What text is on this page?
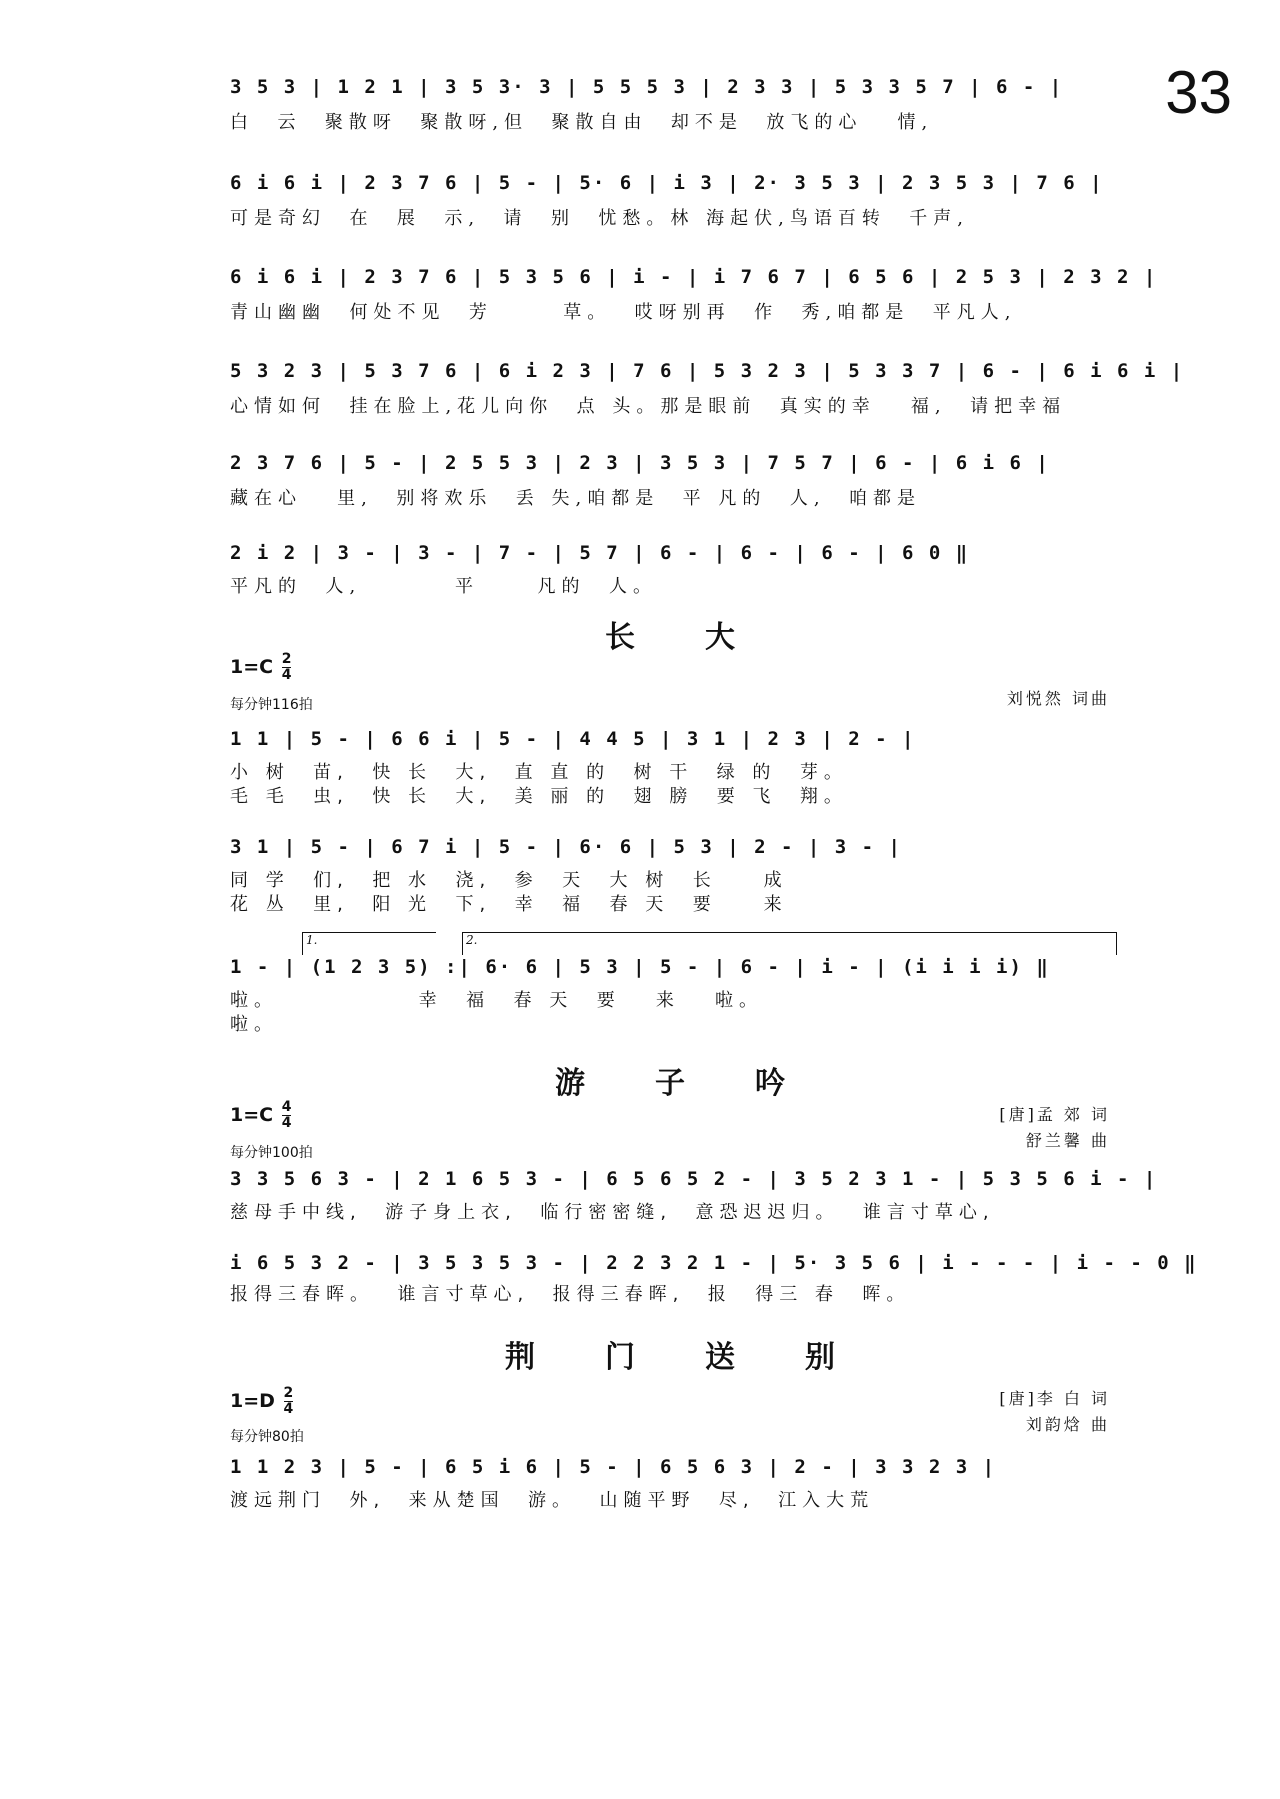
33
3 5 3 | 1 2 1 | 3 5 3· 3 | 5 5 5 3 | 2 3 3 | 5 3 3 5 7 | 6 - |
白  云  聚散呀  聚散呀,但  聚散自由  却不是  放飞的心   情,
6 i 6 i | 2 3 7 6 | 5 - | 5· 6 | i 3 | 2· 3 5 3 | 2 3 5 3 | 7 6 |
可是奇幻  在  展  示,  请  别  忧愁。林 海起伏,鸟语百转  千声,
6 i 6 i | 2 3 7 6 | 5 3 5 6 | i - | i 7 6 7 | 6 5 6 | 2 5 3 | 2 3 2 |
青山幽幽  何处不见  芳      草。  哎呀别再  作  秀,咱都是  平凡人,
5 3 2 3 | 5 3 7 6 | 6 i 2 3 | 7 6 | 5 3 2 3 | 5 3 3 7 | 6 - | 6 i 6 i |
心情如何  挂在脸上,花儿向你  点 头。那是眼前  真实的幸   福,  请把幸福
2 3 7 6 | 5 - | 2 5 5 3 | 2 3 | 3 5 3 | 7 5 7 | 6 - | 6 i 6 |
藏在心   里,  别将欢乐  丢 失,咱都是  平 凡的  人,  咱都是
2 i 2 | 3 - | 3 - | 7 - | 5 7 | 6 - | 6 - | 6 - | 6 0 ‖
平凡的  人,        平     凡的  人。
长大
$1=C \frac{2}{4}$
每分钟116拍	刘悦然 词曲
1 1 | 5 - | 6 6 i | 5 - | 4 4 5 | 3 1 | 2 3 | 2 - |
小 树  苗,  快 长  大,  直 直 的  树 干  绿 的  芽。
毛 毛  虫,  快 长  大,  美 丽 的  翅 膀  要 飞  翔。
3 1 | 5 - | 6 7 i | 5 - | 6· 6 | 5 3 | 2 - | 3 - |
同 学  们,  把 水  浇,  参  天  大 树  长    成
花 丛  里,  阳 光  下,  幸  福  春 天  要    来
1.	2.
1 - | (1 2 3 5) :| 6· 6 | 5 3 | 5 - | 6 - | i - | (i i i i) ‖
啦。            幸  福  春 天  要   来   啦。
啦。
游子吟
$1=C \frac{4}{4}$
每分钟100拍
[唐]孟 郊 词
舒兰馨 曲
3 3 5 6 3 - | 2 1 6 5 3 - | 6 5 6 5 2 - | 3 5 2 3 1 - | 5 3 5 6 i - |
慈母手中线,  游子身上衣,  临行密密缝,  意恐迟迟归。  谁言寸草心,
i 6 5 3 2 - | 3 5 3 5 3 - | 2 2 3 2 1 - | 5· 3 5 6 | i - - - | i - - 0 ‖
报得三春晖。  谁言寸草心,  报得三春晖,  报  得三 春  晖。
荆门送别
$1=D \frac{2}{4}$
每分钟80拍
[唐]李 白 词
刘韵焓 曲
1 1 2 3 | 5 - | 6 5 i 6 | 5 - | 6 5 6 3 | 2 - | 3 3 2 3 |
渡远荆门  外,  来从楚国  游。  山随平野  尽,  江入大荒
